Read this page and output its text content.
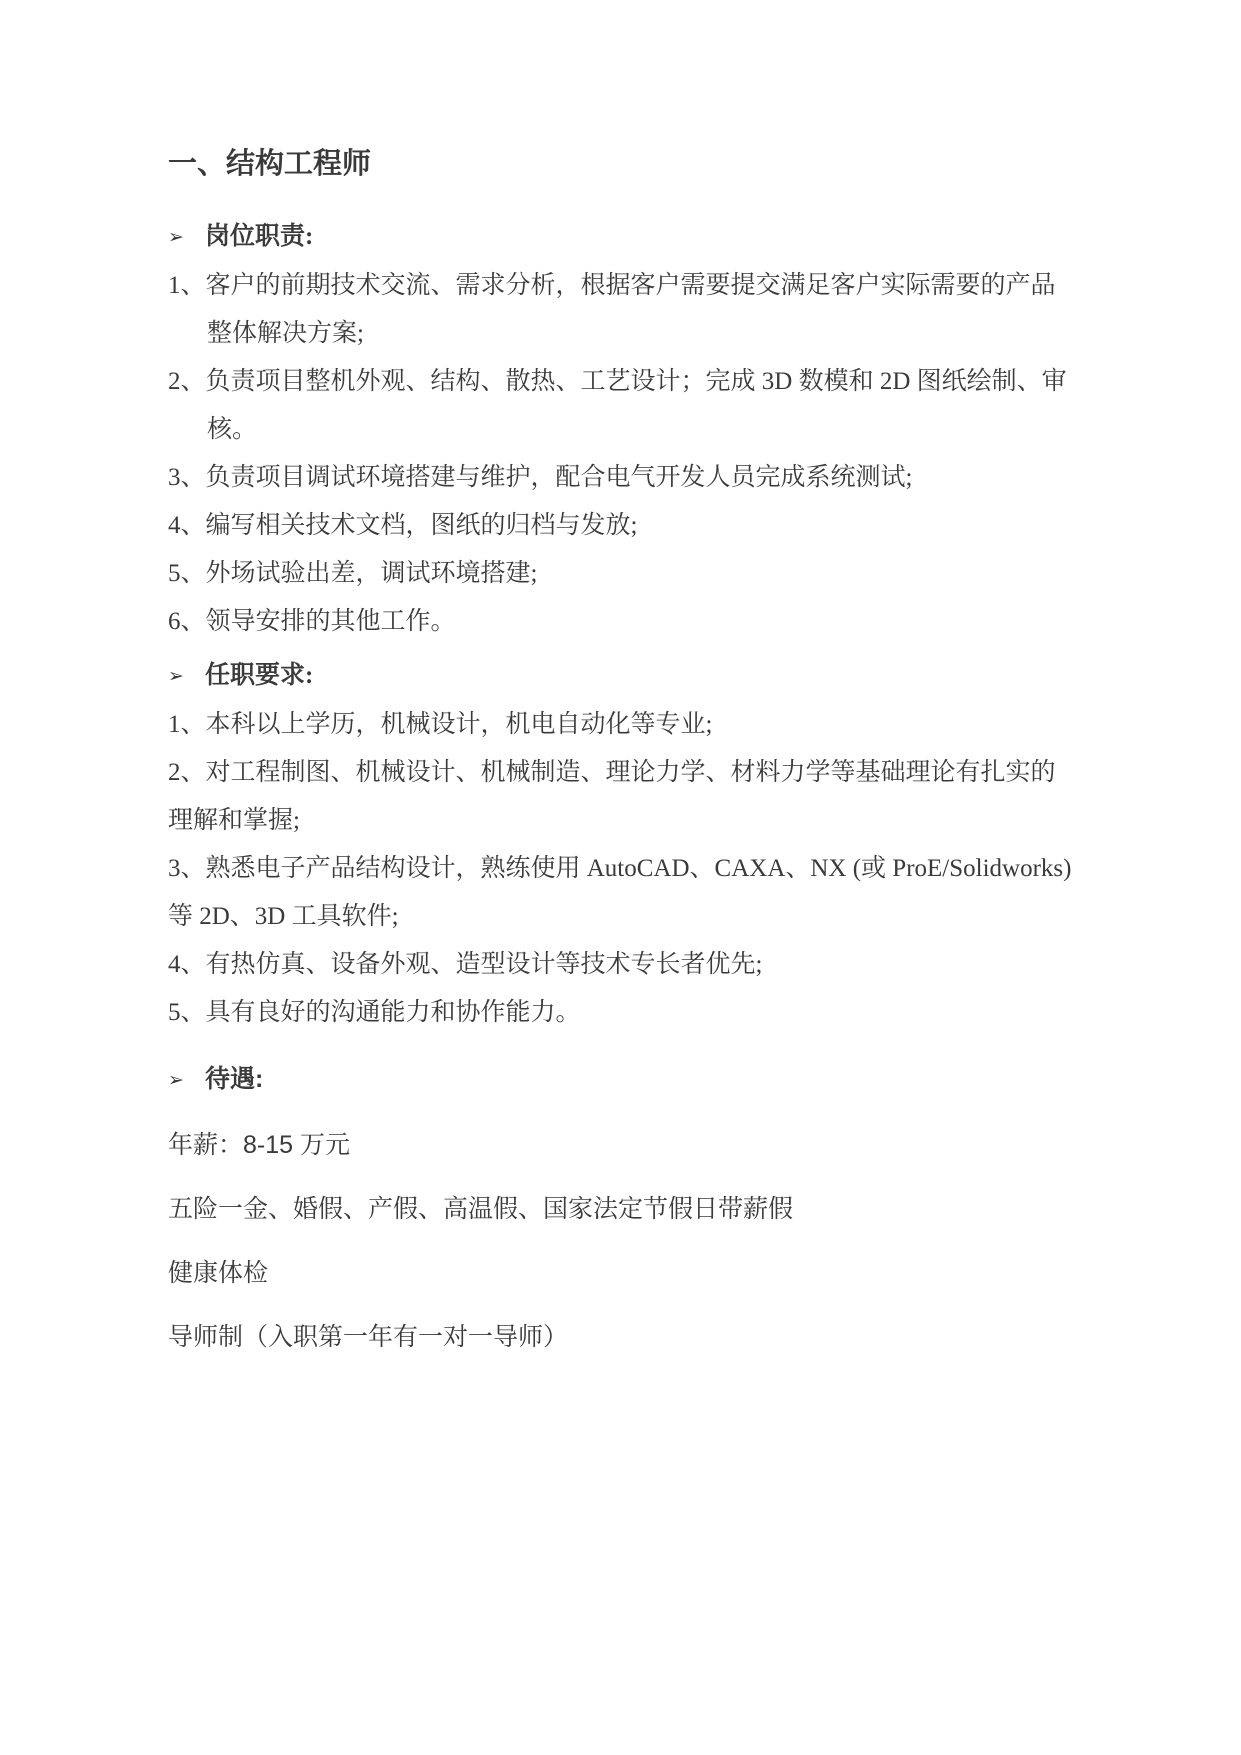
一、结构工程师

➢ 岗位职责:

1、客户的前期技术交流、需求分析，根据客户需要提交满足客户实际需要的产品整体解决方案;

2、负责项目整机外观、结构、散热、工艺设计；完成 3D 数模和 2D 图纸绘制、审核。

3、负责项目调试环境搭建与维护，配合电气开发人员完成系统测试;

4、编写相关技术文档，图纸的归档与发放;

5、外场试验出差，调试环境搭建;

6、领导安排的其他工作。

➢ 任职要求:

1、本科以上学历，机械设计，机电自动化等专业;

2、对工程制图、机械设计、机械制造、理论力学、材料力学等基础理论有扎实的理解和掌握;

3、熟悉电子产品结构设计，熟练使用 AutoCAD、CAXA、NX (或 ProE/Solidworks)等 2D、3D 工具软件;

4、有热仿真、设备外观、造型设计等技术专长者优先;

5、具有良好的沟通能力和协作能力。

➢ 待遇:

年薪：8-15 万元

五险一金、婚假、产假、高温假、国家法定节假日带薪假

健康体检

导师制（入职第一年有一对一导师）
